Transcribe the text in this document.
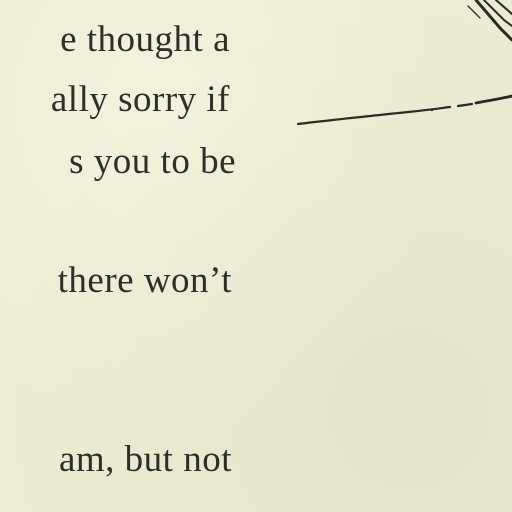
e thought a
ally sorry if
s you to be
there won’t
am, but not
